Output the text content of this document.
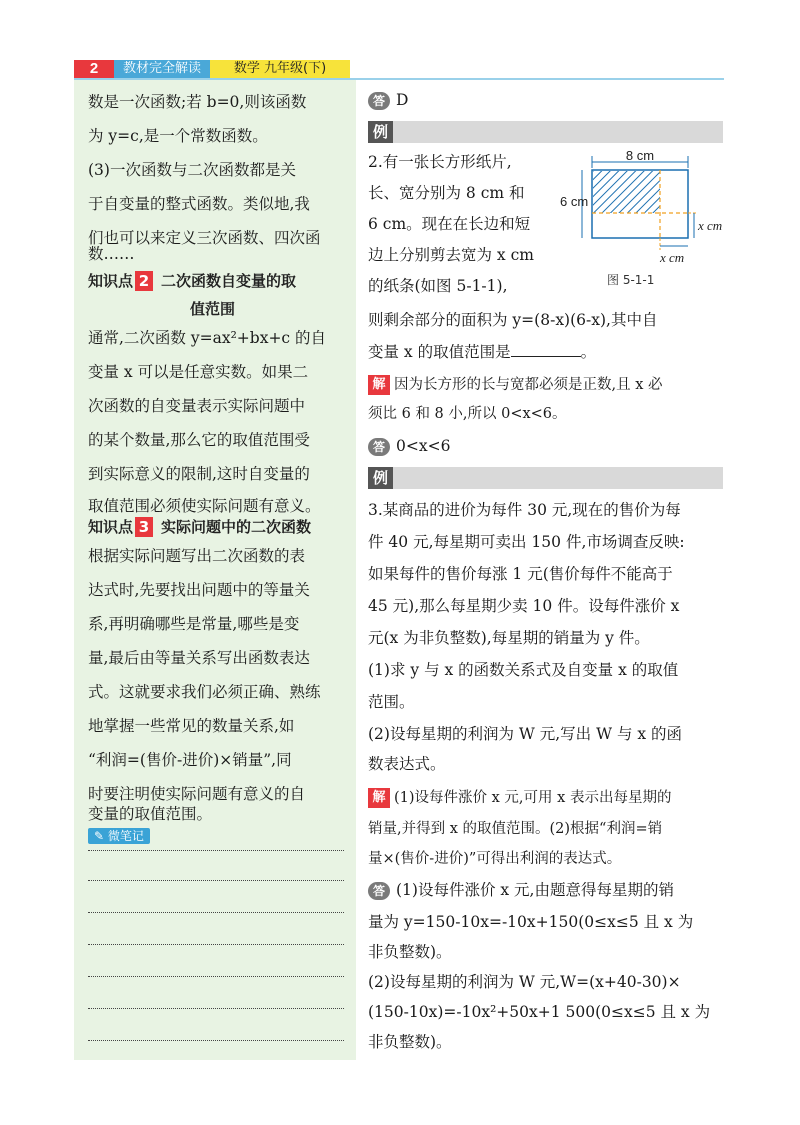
2	教材完全解读	数学 九年级(下)

数是一次函数;若 b=0,则该函数

为 y=c,是一个常数函数。

(3)一次函数与二次函数都是关

于自变量的整式函数。类似地,我

们也可以来定义三次函数、四次函

数……

知识点 2 二次函数自变量的取
值范围

通常,二次函数 y=ax²+bx+c 的自

变量 x 可以是任意实数。如果二

次函数的自变量表示实际问题中

的某个数量,那么它的取值范围受

到实际意义的限制,这时自变量的

取值范围必须使实际问题有意义。

知识点 3 实际问题中的二次函数

根据实际问题写出二次函数的表

达式时,先要找出问题中的等量关

系,再明确哪些是常量,哪些是变

量,最后由等量关系写出函数表达

式。这就要求我们必须正确、熟练

地掌握一些常见的数量关系,如

“利润=(售价-进价)×销量”,同

时要注明使实际问题有意义的自

变量的取值范围。

✎ 微笔记

答 D

例
2.有一张长方形纸片,
长、宽分别为 8 cm 和
6 cm。现在在长边和短
边上分别剪去宽为 x cm
的纸条(如图 5-1-1),
8 cm
6 cm
x cm
x cm
图 5-1-1

则剩余部分的面积为 y=(8-x)(6-x),其中自

变量 x 的取值范围是	。

解 因为长方形的长与宽都必须是正数,且 x 必

须比 6 和 8 小,所以 0<x<6。

答 0<x<6

例

3.某商品的进价为每件 30 元,现在的售价为每

件 40 元,每星期可卖出 150 件,市场调查反映:

如果每件的售价每涨 1 元(售价每件不能高于

45 元),那么每星期少卖 10 件。设每件涨价 x

元(x 为非负整数),每星期的销量为 y 件。

(1)求 y 与 x 的函数关系式及自变量 x 的取值

范围。

(2)设每星期的利润为 W 元,写出 W 与 x 的函

数表达式。

解 (1)设每件涨价 x 元,可用 x 表示出每星期的

销量,并得到 x 的取值范围。(2)根据“利润=销

量×(售价-进价)”可得出利润的表达式。

答 (1)设每件涨价 x 元,由题意得每星期的销

量为 y=150-10x=-10x+150(0≤x≤5 且 x 为

非负整数)。

(2)设每星期的利润为 W 元,W=(x+40-30)×

(150-10x)=-10x²+50x+1 500(0≤x≤5 且 x 为

非负整数)。
